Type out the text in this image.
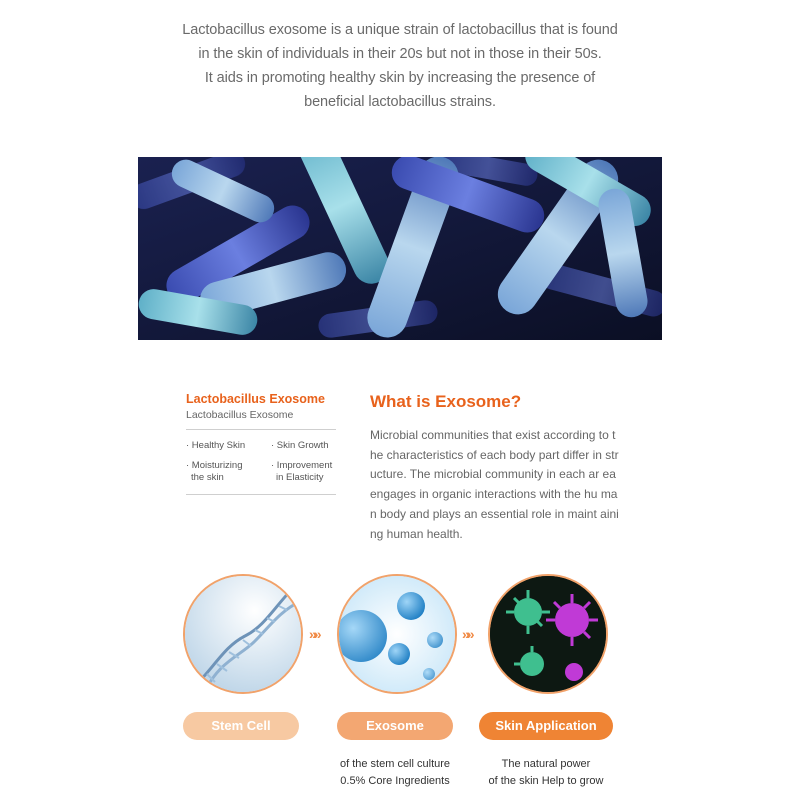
Lactobacillus exosome is a unique strain of lactobacillus that is found

in the skin of individuals in their 20s but not in those in their 50s.

It aids in promoting healthy skin by increasing the presence of

beneficial lactobacillus strains.

Lactobacillus Exosome
Lactobacillus Exosome
· Healthy Skin	· Skin Growth
· Moisturizing
the skin
· Improvement
in Elasticity
What is Exosome?
Microbial communities that exist according to the characteristics of each body part differ in structure. The microbial community in each ar eaengages in organic interactions with the hu man body and plays an essential role in maint aining human health.
»»	»»
Stem Cell	Exosome	Skin Application
of the stem cell culture
0.5% Core Ingredients
The natural power
of the skin Help to grow
